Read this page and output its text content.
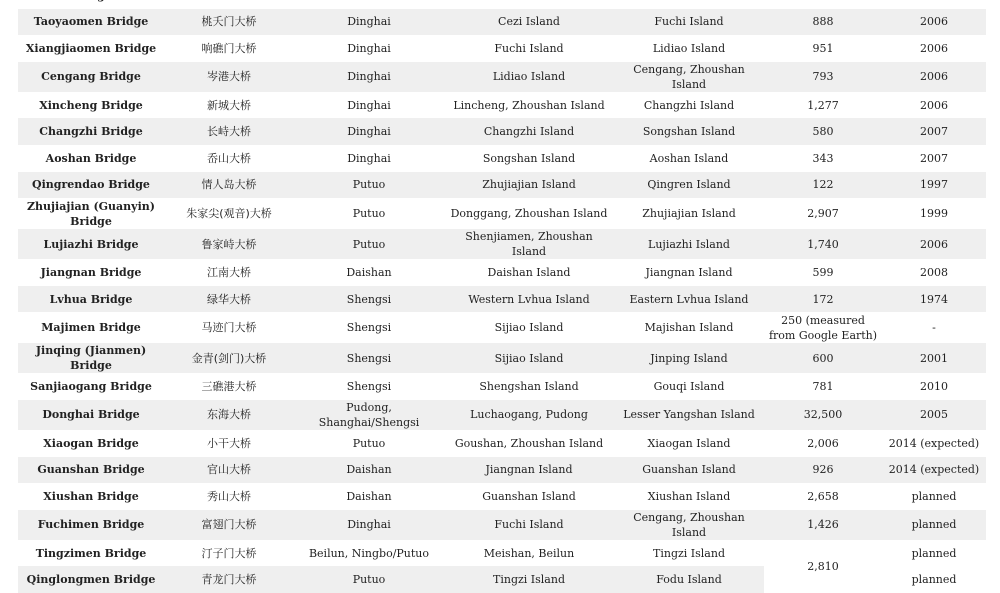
Taoyaomen Bridge	桃夭门大桥	Dinghai	Cezi Island	Fuchi Island	888	2006
Xiangjiaomen Bridge	响礁门大桥	Dinghai	Fuchi Island	Lidiao Island	951	2006
Cengang Bridge	岑港大桥	Dinghai	Lidiao Island	Cengang, Zhoushan Island	793	2006
Xincheng Bridge	新城大桥	Dinghai	Lincheng, Zhoushan Island	Changzhi Island	1,277	2006
Changzhi Bridge	长峙大桥	Dinghai	Changzhi Island	Songshan Island	580	2007
Aoshan Bridge	岙山大桥	Dinghai	Songshan Island	Aoshan Island	343	2007
Qingrendao Bridge	情人岛大桥	Putuo	Zhujiajian Island	Qingren Island	122	1997
Zhujiajian (Guanyin) Bridge	朱家尖(观音)大桥	Putuo	Donggang, Zhoushan Island	Zhujiajian Island	2,907	1999
Lujiazhi Bridge	鲁家峙大桥	Putuo	Shenjiamen, Zhoushan Island	Lujiazhi Island	1,740	2006
Jiangnan Bridge	江南大桥	Daishan	Daishan Island	Jiangnan Island	599	2008
Lvhua Bridge	绿华大桥	Shengsi	Western Lvhua Island	Eastern Lvhua Island	172	1974
Majimen Bridge	马迹门大桥	Shengsi	Sijiao Island	Majishan Island	250 (measured from Google Earth)	-
Jinqing (Jianmen) Bridge	金青(剑门)大桥	Shengsi	Sijiao Island	Jinping Island	600	2001
Sanjiaogang Bridge	三礁港大桥	Shengsi	Shengshan Island	Gouqi Island	781	2010
Donghai Bridge	东海大桥	Pudong, Shanghai/Shengsi	Luchaogang, Pudong	Lesser Yangshan Island	32,500	2005
Xiaogan Bridge	小干大桥	Putuo	Goushan, Zhoushan Island	Xiaogan Island	2,006	2014 (expected)
Guanshan Bridge	官山大桥	Daishan	Jiangnan Island	Guanshan Island	926	2014 (expected)
Xiushan Bridge	秀山大桥	Daishan	Guanshan Island	Xiushan Island	2,658	planned
Fuchimen Bridge	富翅门大桥	Dinghai	Fuchi Island	Cengang, Zhoushan Island	1,426	planned
Tingzimen Bridge	汀子门大桥	Beilun, Ningbo/Putuo	Meishan, Beilun	Tingzi Island	2,810	planned
Qinglongmen Bridge	青龙门大桥	Putuo	Tingzi Island	Fodu Island		planned
